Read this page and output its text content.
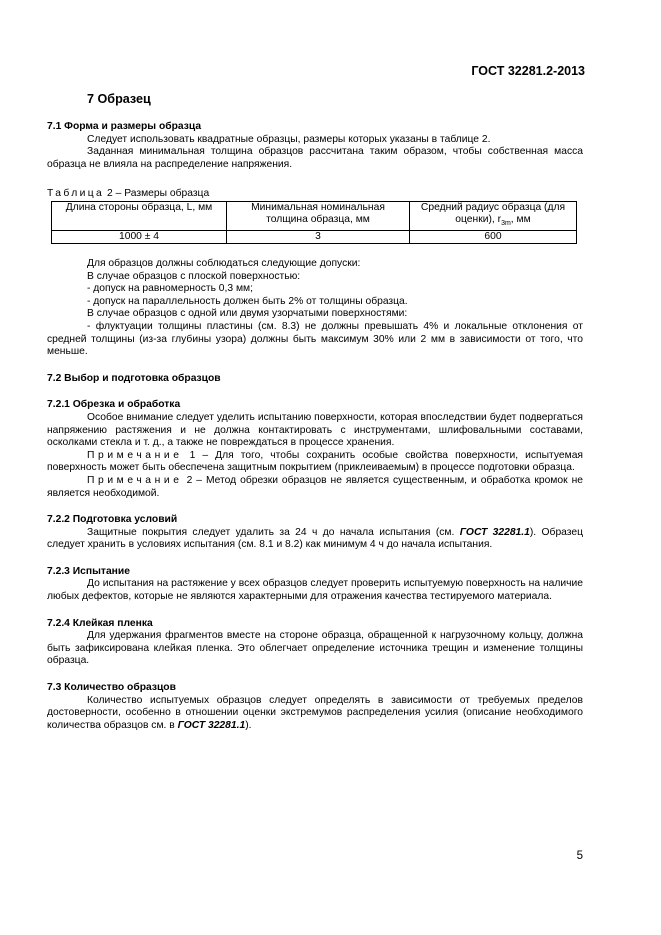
ГОСТ 32281.2-2013
7 Образец

7.1 Форма и размеры образца

Следует использовать квадратные образцы, размеры которых указаны в таблице 2.

Заданная минимальная толщина образцов рассчитана таким образом, чтобы собственная масса образца не влияла на распределение напряжения.

Таблица 2 – Размеры образца
Длина стороны образца, L, мм	Минимальная номинальная толщина образца, мм	Средний радиус образца (для оценки), $r_{3m}$, мм
1000 ± 4	3	600

Для образцов должны соблюдаться следующие допуски:

В случае образцов с плоской поверхностью:

- допуск на равномерность 0,3 мм;

- допуск на параллельность должен быть 2% от толщины образца.

В случае образцов с одной или двумя узорчатыми поверхностями:

- флуктуации толщины пластины (см. 8.3) не должны превышать 4% и локальные отклонения от средней толщины (из-за глубины узора) должны быть максимум 30% или 2 мм в зависимости от того, что меньше.

7.2 Выбор и подготовка образцов

7.2.1 Обрезка и обработка

Особое внимание следует уделить испытанию поверхности, которая впоследствии будет подвергаться напряжению растяжения и не должна контактировать с инструментами, шлифовальными составами, осколками стекла и т. д., а также не повреждаться в процессе хранения.

Примечание 1 – Для того, чтобы сохранить особые свойства поверхности, испытуемая поверхность может быть обеспечена защитным покрытием (приклеиваемым) в процессе подготовки образца.

Примечание 2 – Метод обрезки образцов не является существенным, и обработка кромок не является необходимой.

7.2.2 Подготовка условий

Защитные покрытия следует удалить за 24 ч до начала испытания (см. ГОСТ 32281.1). Образец следует хранить в условиях испытания (см. 8.1 и 8.2) как минимум 4 ч до начала испытания.

7.2.3 Испытание

До испытания на растяжение у всех образцов следует проверить испытуемую поверхность на наличие любых дефектов, которые не являются характерными для отражения качества тестируемого материала.

7.2.4 Клейкая пленка

Для удержания фрагментов вместе на стороне образца, обращенной к нагрузочному кольцу, должна быть зафиксирована клейкая пленка. Это облегчает определение источника трещин и изменение толщины образца.

7.3 Количество образцов

Количество испытуемых образцов следует определять в зависимости от требуемых пределов достоверности, особенно в отношении оценки экстремумов распределения усилия (описание необходимого количества образцов см. в ГОСТ 32281.1).

5
